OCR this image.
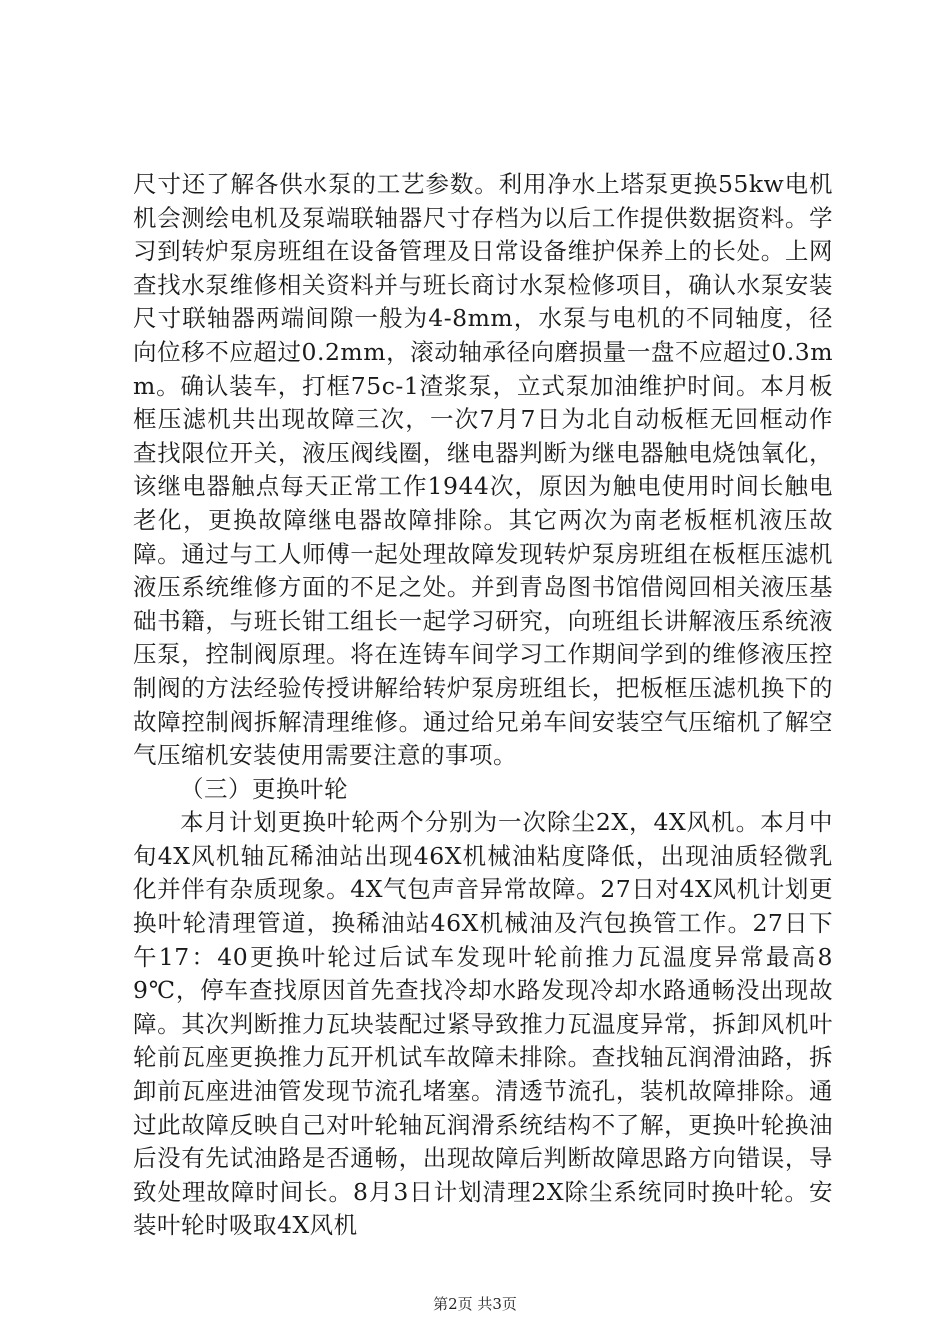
尺寸还了解各供水泵的工艺参数。利用净水上塔泵更换55kw电机机会测绘电机及泵端联轴器尺寸存档为以后工作提供数据资料。学习到转炉泵房班组在设备管理及日常设备维护保养上的长处。上网查找水泵维修相关资料并与班长商讨水泵检修项目，确认水泵安装尺寸联轴器两端间隙一般为4-8mm，水泵与电机的不同轴度，径向位移不应超过0.2mm，滚动轴承径向磨损量一盘不应超过0.3mm。确认装车，打框75c-1渣浆泵，立式泵加油维护时间。本月板框压滤机共出现故障三次，一次7月7日为北自动板框无回框动作查找限位开关，液压阀线圈，继电器判断为继电器触电烧蚀氧化，该继电器触点每天正常工作1944次，原因为触电使用时间长触电老化，更换故障继电器故障排除。其它两次为南老板框机液压故障。通过与工人师傅一起处理故障发现转炉泵房班组在板框压滤机液压系统维修方面的不足之处。并到青岛图书馆借阅回相关液压基础书籍，与班长钳工组长一起学习研究，向班组长讲解液压系统液压泵，控制阀原理。将在连铸车间学习工作期间学到的维修液压控制阀的方法经验传授讲解给转炉泵房班组长，把板框压滤机换下的故障控制阀拆解清理维修。通过给兄弟车间安装空气压缩机了解空气压缩机安装使用需要注意的事项。

（三）更换叶轮

本月计划更换叶轮两个分别为一次除尘2X，4X风机。本月中旬4X风机轴瓦稀油站出现46X机械油粘度降低，出现油质轻微乳化并伴有杂质现象。4X气包声音异常故障。27日对4X风机计划更换叶轮清理管道，换稀油站46X机械油及汽包换管工作。27日下午17：40更换叶轮过后试车发现叶轮前推力瓦温度异常最高89℃，停车查找原因首先查找冷却水路发现冷却水路通畅没出现故障。其次判断推力瓦块装配过紧导致推力瓦温度异常，拆卸风机叶轮前瓦座更换推力瓦开机试车故障未排除。查找轴瓦润滑油路，拆卸前瓦座进油管发现节流孔堵塞。清透节流孔，装机故障排除。通过此故障反映自己对叶轮轴瓦润滑系统结构不了解，更换叶轮换油后没有先试油路是否通畅，出现故障后判断故障思路方向错误，导致处理故障时间长。8月3日计划清理2X除尘系统同时换叶轮。安装叶轮时吸取4X风机

第2页 共3页
